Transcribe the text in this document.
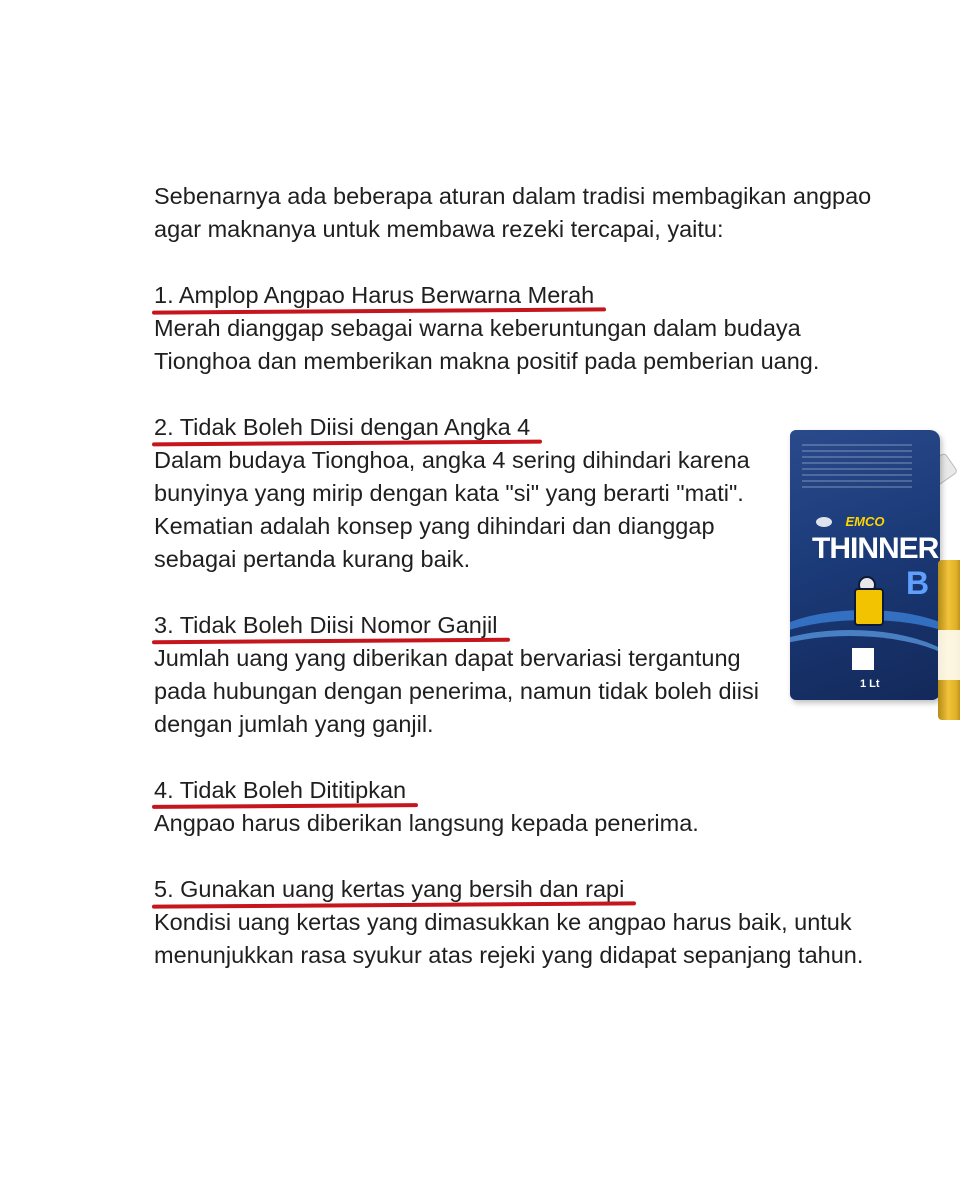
Sebenarnya ada beberapa aturan dalam tradisi membagikan angpao agar maknanya untuk membawa rezeki tercapai, yaitu:

1. Amplop Angpao Harus Berwarna Merah

Merah dianggap sebagai warna keberuntungan dalam budaya Tionghoa dan memberikan makna positif pada pemberian uang.

2. Tidak Boleh Diisi dengan Angka 4

Dalam budaya Tionghoa, angka 4 sering dihindari karena bunyinya yang mirip dengan kata "si" yang berarti "mati". Kematian adalah konsep yang dihindari dan dianggap sebagai pertanda kurang baik.

3. Tidak Boleh Diisi Nomor Ganjil

Jumlah uang yang diberikan dapat bervariasi tergantung pada hubungan dengan penerima, namun tidak boleh diisi dengan jumlah yang ganjil.

4. Tidak Boleh Dititipkan

Angpao harus diberikan langsung kepada penerima.

5. Gunakan uang kertas yang bersih dan rapi

Kondisi uang kertas yang dimasukkan ke angpao harus baik, untuk menunjukkan rasa syukur atas rejeki yang didapat sepanjang tahun.

EMCO
THINNER
B
1 Lt
